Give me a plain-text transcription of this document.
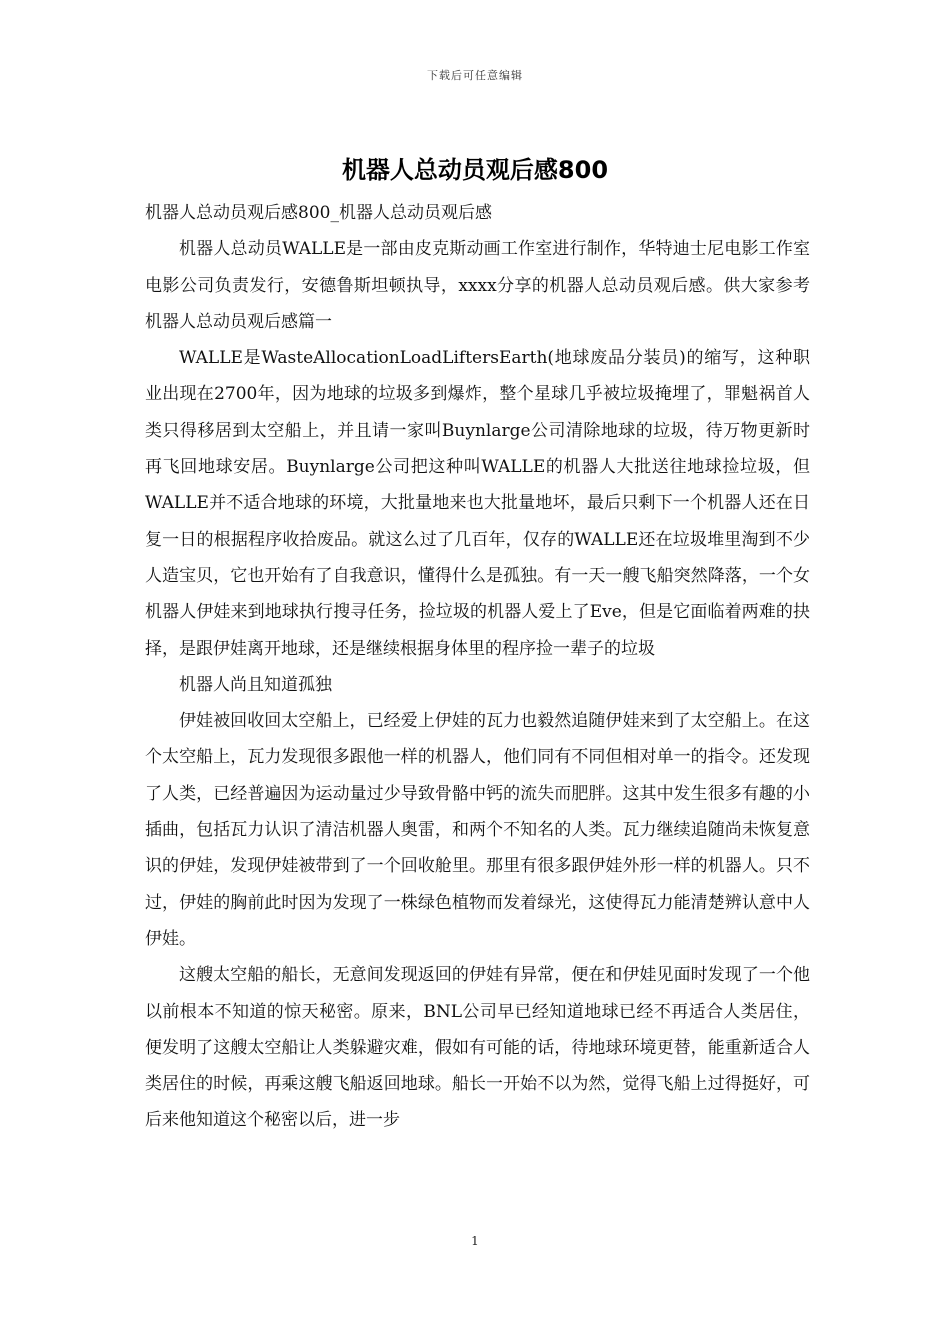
下载后可任意编辑
机器人总动员观后感800

机器人总动员观后感800_机器人总动员观后感

机器人总动员WALLE是一部由皮克斯动画工作室进行制作，华特迪士尼电影工作室电影公司负责发行，安德鲁斯坦顿执导，xxxx分享的机器人总动员观后感。供大家参考机器人总动员观后感篇一

WALLE是WasteAllocationLoadLiftersEarth(地球废品分装员)的缩写，这种职业出现在2700年，因为地球的垃圾多到爆炸，整个星球几乎被垃圾掩埋了，罪魁祸首人类只得移居到太空船上，并且请一家叫Buynlarge公司清除地球的垃圾，待万物更新时再飞回地球安居。Buynlarge公司把这种叫WALLE的机器人大批送往地球捡垃圾，但WALLE并不适合地球的环境，大批量地来也大批量地坏，最后只剩下一个机器人还在日复一日的根据程序收拾废品。就这么过了几百年，仅存的WALLE还在垃圾堆里淘到不少人造宝贝，它也开始有了自我意识，懂得什么是孤独。有一天一艘飞船突然降落，一个女机器人伊娃来到地球执行搜寻任务，捡垃圾的机器人爱上了Eve，但是它面临着两难的抉择，是跟伊娃离开地球，还是继续根据身体里的程序捡一辈子的垃圾

机器人尚且知道孤独

伊娃被回收回太空船上，已经爱上伊娃的瓦力也毅然追随伊娃来到了太空船上。在这个太空船上，瓦力发现很多跟他一样的机器人，他们同有不同但相对单一的指令。还发现了人类，已经普遍因为运动量过少导致骨骼中钙的流失而肥胖。这其中发生很多有趣的小插曲，包括瓦力认识了清洁机器人奥雷，和两个不知名的人类。瓦力继续追随尚未恢复意识的伊娃，发现伊娃被带到了一个回收舱里。那里有很多跟伊娃外形一样的机器人。只不过，伊娃的胸前此时因为发现了一株绿色植物而发着绿光，这使得瓦力能清楚辨认意中人伊娃。

这艘太空船的船长，无意间发现返回的伊娃有异常，便在和伊娃见面时发现了一个他以前根本不知道的惊天秘密。原来，BNL公司早已经知道地球已经不再适合人类居住，便发明了这艘太空船让人类躲避灾难，假如有可能的话，待地球环境更替，能重新适合人类居住的时候，再乘这艘飞船返回地球。船长一开始不以为然，觉得飞船上过得挺好，可后来他知道这个秘密以后，进一步

1
